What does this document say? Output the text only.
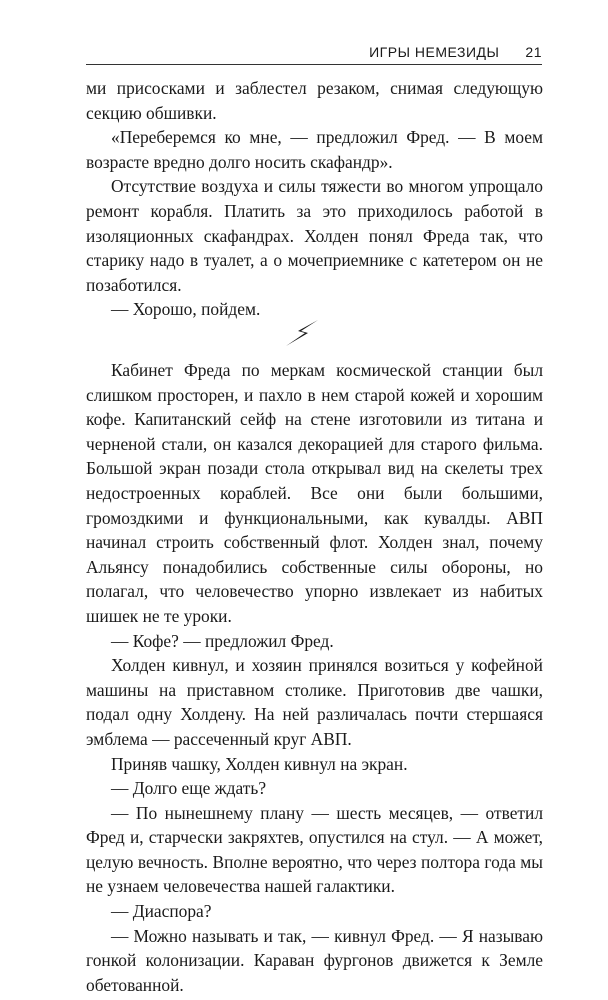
ИГРЫ НЕМЕЗИДЫ 21

ми присосками и заблестел резаком, снимая следующую секцию обшивки.

«Переберемся ко мне, — предложил Фред. — В моем возрасте вредно долго носить скафандр».

Отсутствие воздуха и силы тяжести во многом упрощало ремонт корабля. Платить за это приходилось работой в изоляционных скафандрах. Холден понял Фреда так, что старику надо в туалет, а о мочеприемнике с катетером он не позаботился.

— Хорошо, пойдем.

Кабинет Фреда по меркам космической станции был слишком просторен, и пахло в нем старой кожей и хорошим кофе. Капитанский сейф на стене изготовили из титана и черненой стали, он казался декорацией для старого фильма. Большой экран позади стола открывал вид на скелеты трех недостроенных кораблей. Все они были большими, громоздкими и функциональными, как кувалды. АВП начинал строить собственный флот. Холден знал, почему Альянсу понадобились собственные силы обороны, но полагал, что человечество упорно извлекает из набитых шишек не те уроки.

— Кофе? — предложил Фред.

Холден кивнул, и хозяин принялся возиться у кофейной машины на приставном столике. Приготовив две чашки, подал одну Холдену. На ней различалась почти стершаяся эмблема — рассеченный круг АВП.

Приняв чашку, Холден кивнул на экран.

— Долго еще ждать?

— По нынешнему плану — шесть месяцев, — ответил Фред и, старчески закряхтев, опустился на стул. — А может, целую вечность. Вполне вероятно, что через полтора года мы не узнаем человечества нашей галактики.

— Диаспора?

— Можно называть и так, — кивнул Фред. — Я называю гонкой колонизации. Караван фургонов движется к Земле обетованной.
